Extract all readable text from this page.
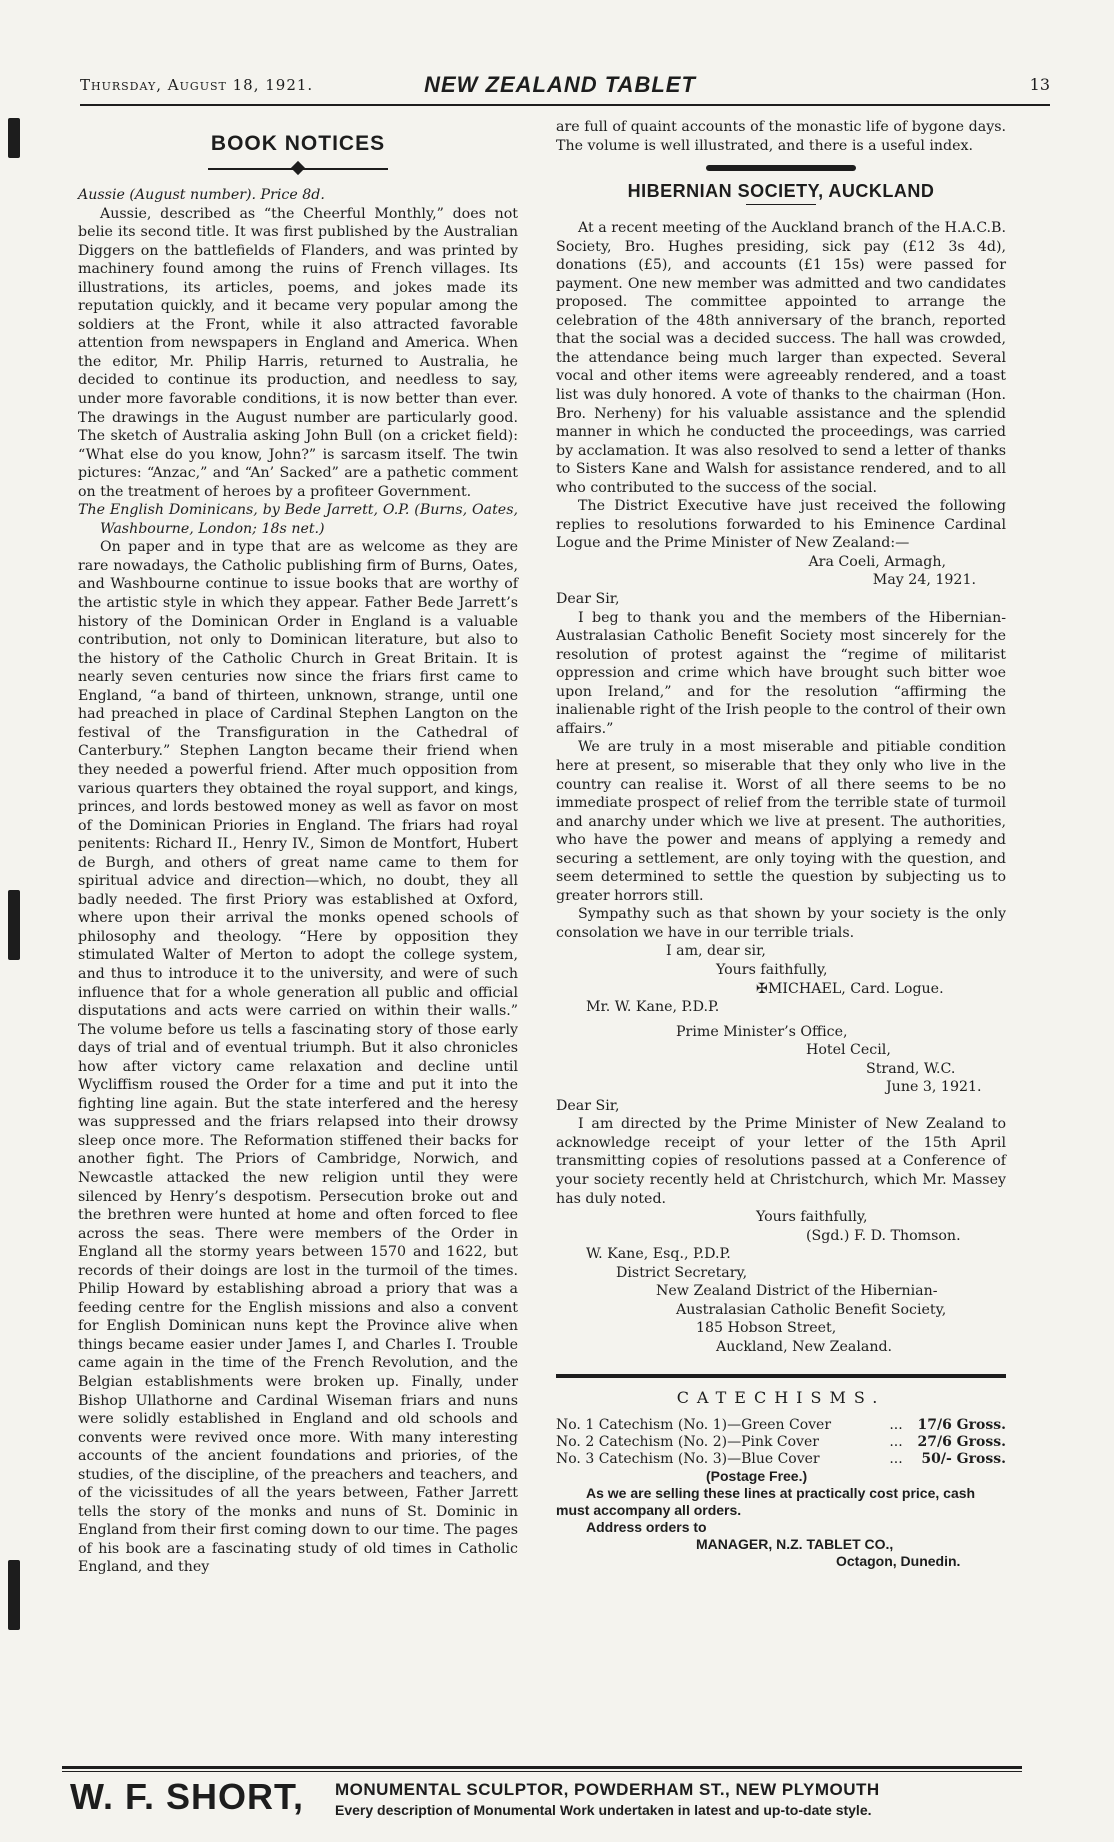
Thursday, August 18, 1921.	NEW ZEALAND TABLET	13
BOOK NOTICES

Aussie (August number). Price 8d.

Aussie, described as “the Cheerful Monthly,” does not belie its second title. It was first published by the Australian Diggers on the battlefields of Flanders, and was printed by machinery found among the ruins of French villages. Its illustrations, its articles, poems, and jokes made its reputation quickly, and it became very popular among the soldiers at the Front, while it also attracted favorable attention from newspapers in England and America. When the editor, Mr. Philip Harris, returned to Australia, he decided to continue its production, and needless to say, under more favorable conditions, it is now better than ever. The drawings in the August number are particularly good. The sketch of Australia asking John Bull (on a cricket field): “What else do you know, John?” is sarcasm itself. The twin pictures: “Anzac,” and “An’ Sacked” are a pathetic comment on the treatment of heroes by a profiteer Government.

The English Dominicans, by Bede Jarrett, O.P. (Burns, Oates, Washbourne, London; 18s net.)

On paper and in type that are as welcome as they are rare nowadays, the Catholic publishing firm of Burns, Oates, and Washbourne continue to issue books that are worthy of the artistic style in which they appear. Father Bede Jarrett’s history of the Dominican Order in England is a valuable contribution, not only to Dominican literature, but also to the history of the Catholic Church in Great Britain. It is nearly seven centuries now since the friars first came to England, “a band of thirteen, unknown, strange, until one had preached in place of Cardinal Stephen Langton on the festival of the Transfiguration in the Cathedral of Canterbury.” Stephen Langton became their friend when they needed a powerful friend. After much opposition from various quarters they obtained the royal support, and kings, princes, and lords bestowed money as well as favor on most of the Dominican Priories in England. The friars had royal penitents: Richard II., Henry IV., Simon de Montfort, Hubert de Burgh, and others of great name came to them for spiritual advice and direction—which, no doubt, they all badly needed. The first Priory was established at Oxford, where upon their arrival the monks opened schools of philosophy and theology. “Here by opposition they stimulated Walter of Merton to adopt the college system, and thus to introduce it to the university, and were of such influence that for a whole generation all public and official disputations and acts were carried on within their walls.” The volume before us tells a fascinating story of those early days of trial and of eventual triumph. But it also chronicles how after victory came relaxation and decline until Wycliffism roused the Order for a time and put it into the fighting line again. But the state interfered and the heresy was suppressed and the friars relapsed into their drowsy sleep once more. The Reformation stiffened their backs for another fight. The Priors of Cambridge, Norwich, and Newcastle attacked the new religion until they were silenced by Henry’s despotism. Persecution broke out and the brethren were hunted at home and often forced to flee across the seas. There were members of the Order in England all the stormy years between 1570 and 1622, but records of their doings are lost in the turmoil of the times. Philip Howard by establishing abroad a priory that was a feeding centre for the English missions and also a convent for English Dominican nuns kept the Province alive when things became easier under James I, and Charles I. Trouble came again in the time of the French Revolution, and the Belgian establishments were broken up. Finally, under Bishop Ullathorne and Cardinal Wiseman friars and nuns were solidly established in England and old schools and convents were revived once more. With many interesting accounts of the ancient foundations and priories, of the studies, of the discipline, of the preachers and teachers, and of the vicissitudes of all the years between, Father Jarrett tells the story of the monks and nuns of St. Dominic in England from their first coming down to our time. The pages of his book are a fascinating study of old times in Catholic England, and they

are full of quaint accounts of the monastic life of bygone days. The volume is well illustrated, and there is a useful index.

HIBERNIAN SOCIETY, AUCKLAND

At a recent meeting of the Auckland branch of the H.A.C.B. Society, Bro. Hughes presiding, sick pay (£12 3s 4d), donations (£5), and accounts (£1 15s) were passed for payment. One new member was admitted and two candidates proposed. The committee appointed to arrange the celebration of the 48th anniversary of the branch, reported that the social was a decided success. The hall was crowded, the attendance being much larger than expected. Several vocal and other items were agreeably rendered, and a toast list was duly honored. A vote of thanks to the chairman (Hon. Bro. Nerheny) for his valuable assistance and the splendid manner in which he conducted the proceedings, was carried by acclamation. It was also resolved to send a letter of thanks to Sisters Kane and Walsh for assistance rendered, and to all who contributed to the success of the social.

The District Executive have just received the following replies to resolutions forwarded to his Eminence Cardinal Logue and the Prime Minister of New Zealand:—

Ara Coeli, Armagh,

May 24, 1921.

Dear Sir,

I beg to thank you and the members of the Hibernian-Australasian Catholic Benefit Society most sincerely for the resolution of protest against the “regime of militarist oppression and crime which have brought such bitter woe upon Ireland,” and for the resolution “affirming the inalienable right of the Irish people to the control of their own affairs.”

We are truly in a most miserable and pitiable condition here at present, so miserable that they only who live in the country can realise it. Worst of all there seems to be no immediate prospect of relief from the terrible state of turmoil and anarchy under which we live at present. The authorities, who have the power and means of applying a remedy and securing a settlement, are only toying with the question, and seem determined to settle the question by subjecting us to greater horrors still.

Sympathy such as that shown by your society is the only consolation we have in our terrible trials.

I am, dear sir,

Yours faithfully,

✠MICHAEL, Card. Logue.

Mr. W. Kane, P.D.P.

Prime Minister’s Office,

Hotel Cecil,

Strand, W.C.

June 3, 1921.

Dear Sir,

I am directed by the Prime Minister of New Zealand to acknowledge receipt of your letter of the 15th April transmitting copies of resolutions passed at a Conference of your society recently held at Christchurch, which Mr. Massey has duly noted.

Yours faithfully,

(Sgd.) F. D. Thomson.

W. Kane, Esq., P.D.P.

District Secretary,

New Zealand District of the Hibernian-

Australasian Catholic Benefit Society,

185 Hobson Street,

Auckland, New Zealand.

CATECHISMS.
No. 1 Catechism (No. 1)—Green Cover	...	17/6 Gross.
No. 2 Catechism (No. 2)—Pink Cover	...	27/6 Gross.
No. 3 Catechism (No. 3)—Blue Cover	...	50/- Gross.
(Postage Free.)
As we are selling these lines at practically cost price, cash must accompany all orders.
Address orders to
MANAGER, N.Z. TABLET CO.,
Octagon, Dunedin.
W. F. SHORT, MONUMENTAL SCULPTOR, POWDERHAM ST., NEW PLYMOUTH
Every description of Monumental Work undertaken in latest and up-to-date style.
